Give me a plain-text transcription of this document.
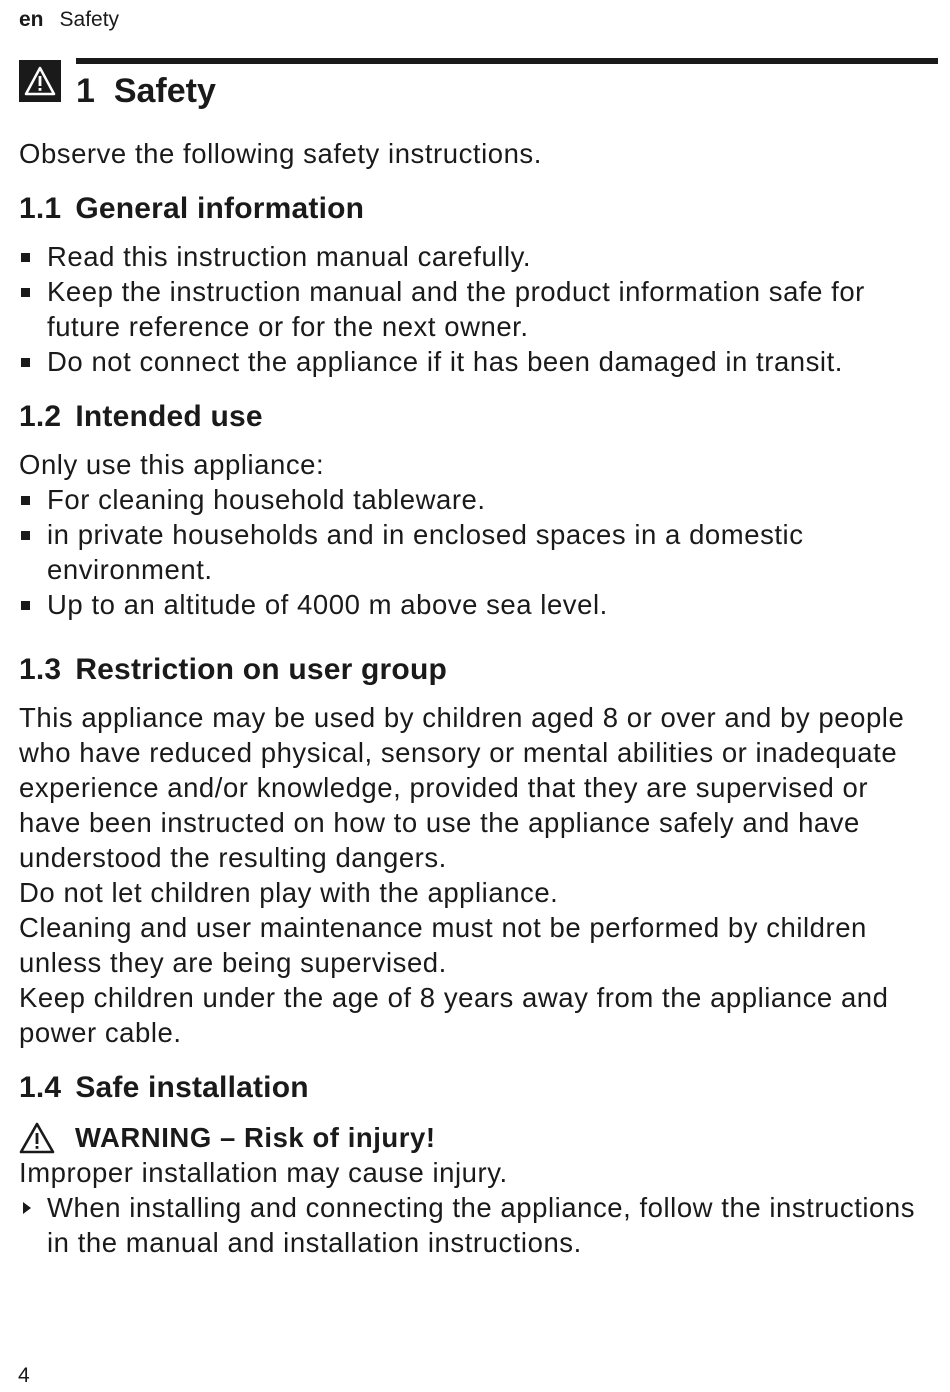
en Safety
1 Safety

Observe the following safety instructions.

1.1 General information
Read this instruction manual carefully.
Keep the instruction manual and the product information safe for future reference or for the next owner.
Do not connect the appliance if it has been damaged in transit.
1.2 Intended use

Only use this appliance:

For cleaning household tableware.
in private households and in enclosed spaces in a domestic environment.
Up to an altitude of 4000 m above sea level.
1.3 Restriction on user group

This appliance may be used by children aged 8 or over and by people who have reduced physical, sensory or mental abilities or inadequate experience and/or knowledge, provided that they are supervised or have been instructed on how to use the appliance safely and have understood the resulting dangers.

Do not let children play with the appliance.

Cleaning and user maintenance must not be performed by children unless they are being supervised.

Keep children under the age of 8 years away from the appliance and power cable.

1.4 Safe installation
WARNING – Risk of injury!

Improper installation may cause injury.

When installing and connecting the appliance, follow the instructions in the manual and installation instructions.
4
